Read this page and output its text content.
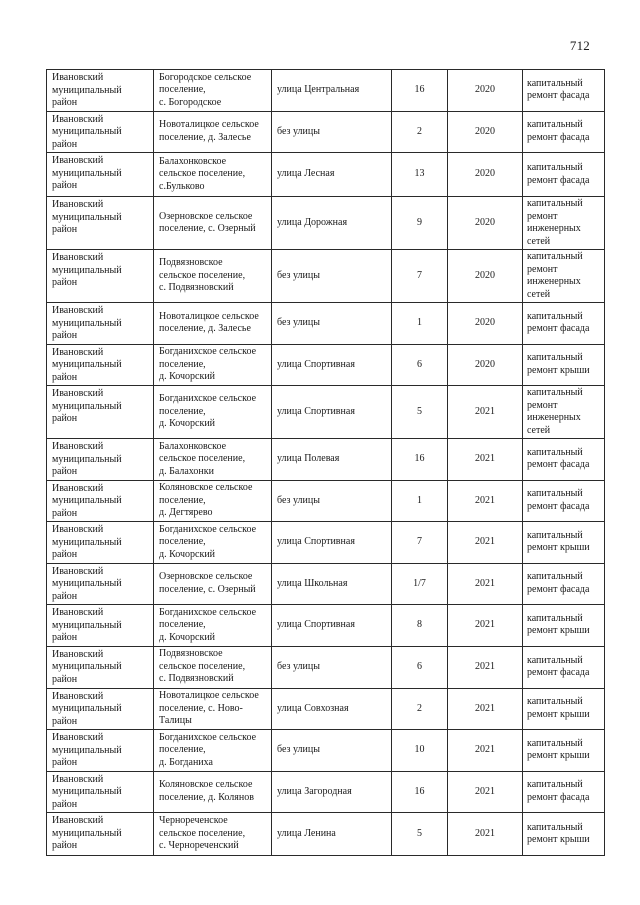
712
Ивановский
муниципальный
район	Богородское сельское
поселение,
с. Богородское	улица Центральная	16	2020	капитальный
ремонт фасада

Ивановский
муниципальный
район	Новоталицкое сельское
поселение, д. Залесье	без улицы	2	2020	капитальный
ремонт фасада

Ивановский
муниципальный
район	Балахонковское
сельское поселение,
с.Бульково	улица Лесная	13	2020	капитальный
ремонт фасада

Ивановский
муниципальный
район	Озерновское сельское
поселение, с. Озерный	улица Дорожная	9	2020	капитальный
ремонт
инженерных
сетей

Ивановский
муниципальный
район	Подвязновское
сельское поселение,
с. Подвязновский	без улицы	7	2020	капитальный
ремонт
инженерных
сетей

Ивановский
муниципальный
район	Новоталицкое сельское
поселение, д. Залесье	без улицы	1	2020	капитальный
ремонт фасада

Ивановский
муниципальный
район	Богданихское сельское
поселение,
д. Кочорский	улица Спортивная	6	2020	капитальный
ремонт крыши

Ивановский
муниципальный
район	Богданихское сельское
поселение,
д. Кочорский	улица Спортивная	5	2021	капитальный
ремонт
инженерных
сетей

Ивановский
муниципальный
район	Балахонковское
сельское поселение,
д. Балахонки	улица Полевая	16	2021	капитальный
ремонт фасада

Ивановский
муниципальный
район	Коляновское сельское
поселение,
д. Дегтярево	без улицы	1	2021	капитальный
ремонт фасада

Ивановский
муниципальный
район	Богданихское сельское
поселение,
д. Кочорский	улица Спортивная	7	2021	капитальный
ремонт крыши

Ивановский
муниципальный
район	Озерновское сельское
поселение, с. Озерный	улица Школьная	1/7	2021	капитальный
ремонт фасада

Ивановский
муниципальный
район	Богданихское сельское
поселение,
д. Кочорский	улица Спортивная	8	2021	капитальный
ремонт крыши

Ивановский
муниципальный
район	Подвязновское
сельское поселение,
с. Подвязновский	без улицы	6	2021	капитальный
ремонт фасада

Ивановский
муниципальный
район	Новоталицкое сельское
поселение, с. Ново-
Талицы	улица Совхозная	2	2021	капитальный
ремонт крыши

Ивановский
муниципальный
район	Богданихское сельское
поселение,
д. Богданиха	без улицы	10	2021	капитальный
ремонт крыши

Ивановский
муниципальный
район	Коляновское сельское
поселение, д. Колянов	улица Загородная	16	2021	капитальный
ремонт фасада

Ивановский
муниципальный
район	Чернореченское
сельское поселение,
с. Чернореченский	улица Ленина	5	2021	капитальный
ремонт крыши
